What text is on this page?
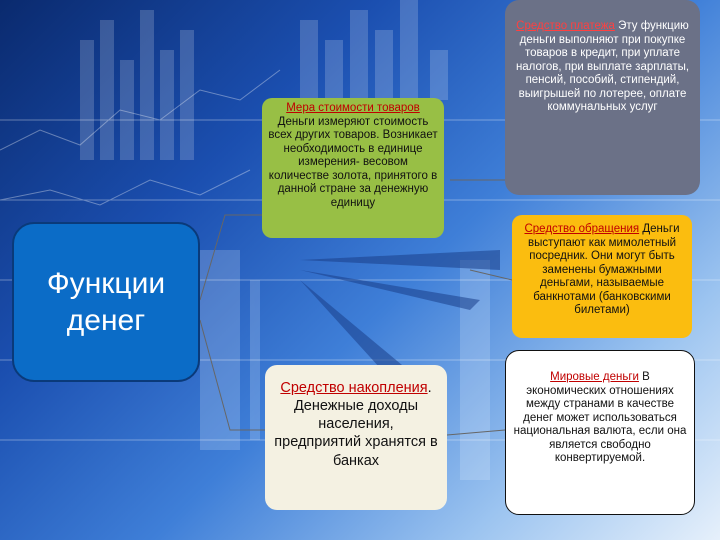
Функции денег
Мера стоимости товаров Деньги измеряют стоимость всех других товаров. Возникает необходимость в единице измерения- весовом количестве золота, принятого в данной стране за денежную единицу
Средство платежа Эту функцию деньги выполняют при покупке товаров в кредит, при уплате налогов, при выплате зарплаты, пенсий, пособий, стипендий, выигрышей по лотерее, оплате коммунальных услуг
Средство обращения Деньги выступают как мимолетный посредник. Они могут быть заменены бумажными деньгами, называемые банкнотами (банковскими билетами)
Мировые деньги В экономических отношениях между странами в качестве денег может использоваться национальная валюта, если она является свободно конвертируемой.
Средство накопления. Денежные доходы населения, предприятий хранятся в банках
